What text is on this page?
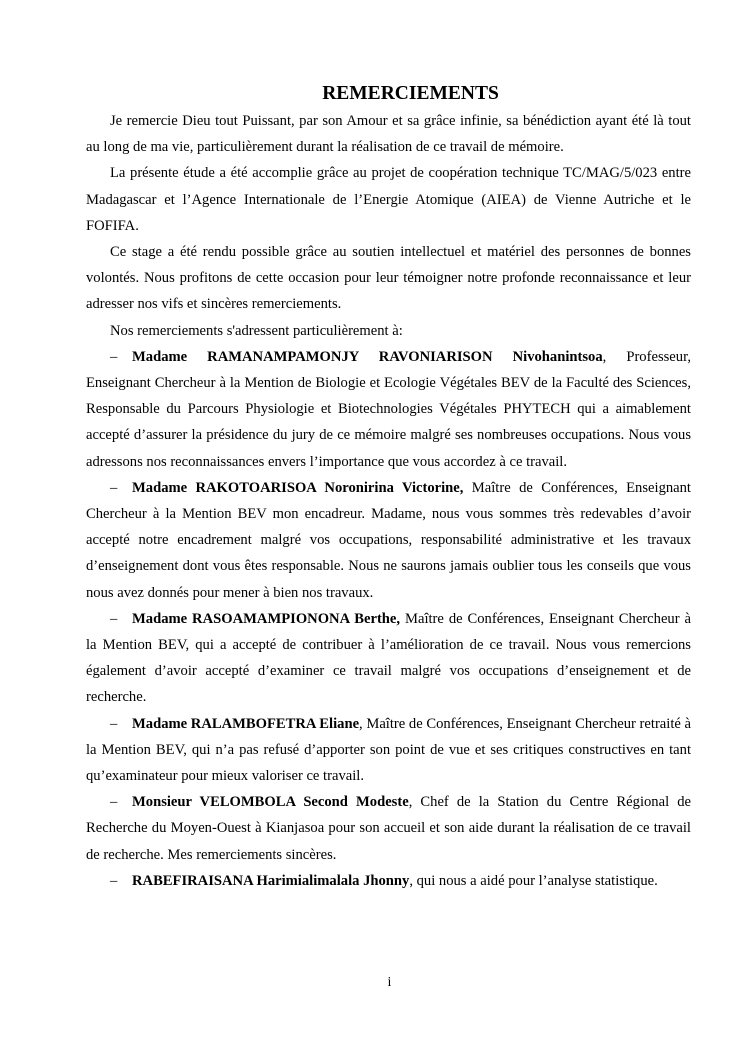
REMERCIEMENTS

Je remercie Dieu tout Puissant, par son Amour et sa grâce infinie, sa bénédiction ayant été là tout au long de ma vie, particulièrement durant la réalisation de ce travail de mémoire.

La présente étude a été accomplie grâce au projet de coopération technique TC/MAG/5/023 entre Madagascar et l’Agence Internationale de l’Energie Atomique (AIEA) de Vienne Autriche et le FOFIFA.

Ce stage a été rendu possible grâce au soutien intellectuel et matériel des personnes de bonnes volontés. Nous profitons de cette occasion pour leur témoigner notre profonde reconnaissance et leur adresser nos vifs et sincères remerciements.

Nos remerciements s'adressent particulièrement à:

– Madame RAMANAMPAMONJY RAVONIARISON Nivohanintsoa, Professeur, Enseignant Chercheur à la Mention de Biologie et Ecologie Végétales BEV de la Faculté des Sciences, Responsable du Parcours Physiologie et Biotechnologies Végétales PHYTECH qui a aimablement accepté d’assurer la présidence du jury de ce mémoire malgré ses nombreuses occupations. Nous vous adressons nos reconnaissances envers l’importance que vous accordez à ce travail.

– Madame RAKOTOARISOA Noronirina Victorine, Maître de Conférences, Enseignant Chercheur à la Mention BEV mon encadreur. Madame, nous vous sommes très redevables d’avoir accepté notre encadrement malgré vos occupations, responsabilité administrative et les travaux d’enseignement dont vous êtes responsable. Nous ne saurons jamais oublier tous les conseils que vous nous avez donnés pour mener à bien nos travaux.

– Madame RASOAMAMPIONONA Berthe, Maître de Conférences, Enseignant Chercheur à la Mention BEV, qui a accepté de contribuer à l’amélioration de ce travail. Nous vous remercions également d’avoir accepté d’examiner ce travail malgré vos occupations d’enseignement et de recherche.

– Madame RALAMBOFETRA Eliane, Maître de Conférences, Enseignant Chercheur retraité à la Mention BEV, qui n’a pas refusé d’apporter son point de vue et ses critiques constructives en tant qu’examinateur pour mieux valoriser ce travail.

– Monsieur VELOMBOLA Second Modeste, Chef de la Station du Centre Régional de Recherche du Moyen-Ouest à Kianjasoa pour son accueil et son aide durant la réalisation de ce travail de recherche. Mes remerciements sincères.

– RABEFIRAISANA Harimialimalala Jhonny, qui nous a aidé pour l’analyse statistique.

i
